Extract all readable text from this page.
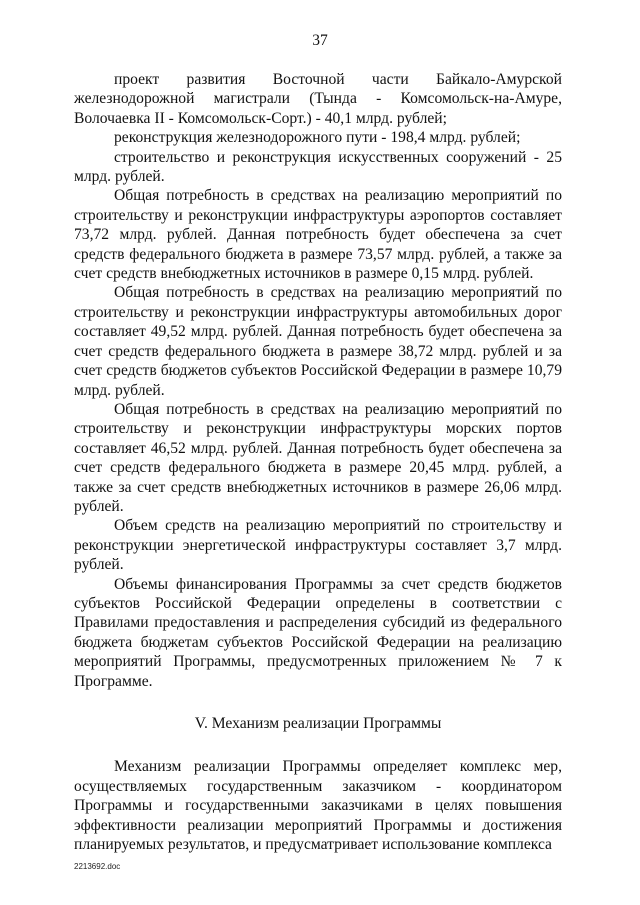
37

проект развития Восточной части Байкало-Амурской железнодорожной магистрали (Тында - Комсомольск-на-Амуре, Волочаевка II - Комсомольск-Сорт.) - 40,1 млрд. рублей;

реконструкция железнодорожного пути - 198,4 млрд. рублей;

строительство и реконструкция искусственных сооружений - 25 млрд. рублей.

Общая потребность в средствах на реализацию мероприятий по строительству и реконструкции инфраструктуры аэропортов составляет 73,72 млрд. рублей. Данная потребность будет обеспечена за счет средств федерального бюджета в размере 73,57 млрд. рублей, а также за счет средств внебюджетных источников в размере 0,15 млрд. рублей.

Общая потребность в средствах на реализацию мероприятий по строительству и реконструкции инфраструктуры автомобильных дорог составляет 49,52 млрд. рублей. Данная потребность будет обеспечена за счет средств федерального бюджета в размере 38,72 млрд. рублей и за счет средств бюджетов субъектов Российской Федерации в размере 10,79 млрд. рублей.

Общая потребность в средствах на реализацию мероприятий по строительству и реконструкции инфраструктуры морских портов составляет 46,52 млрд. рублей. Данная потребность будет обеспечена за счет средств федерального бюджета в размере 20,45 млрд. рублей, а также за счет средств внебюджетных источников в размере 26,06 млрд. рублей.

Объем средств на реализацию мероприятий по строительству и реконструкции энергетической инфраструктуры составляет 3,7 млрд. рублей.

Объемы финансирования Программы за счет средств бюджетов субъектов Российской Федерации определены в соответствии с Правилами предоставления и распределения субсидий из федерального бюджета бюджетам субъектов Российской Федерации на реализацию мероприятий Программы, предусмотренных приложением № 7 к Программе.

V. Механизм реализации Программы

Механизм реализации Программы определяет комплекс мер, осуществляемых государственным заказчиком - координатором Программы и государственными заказчиками в целях повышения эффективности реализации мероприятий Программы и достижения планируемых результатов, и предусматривает использование комплекса

2213692.doc
